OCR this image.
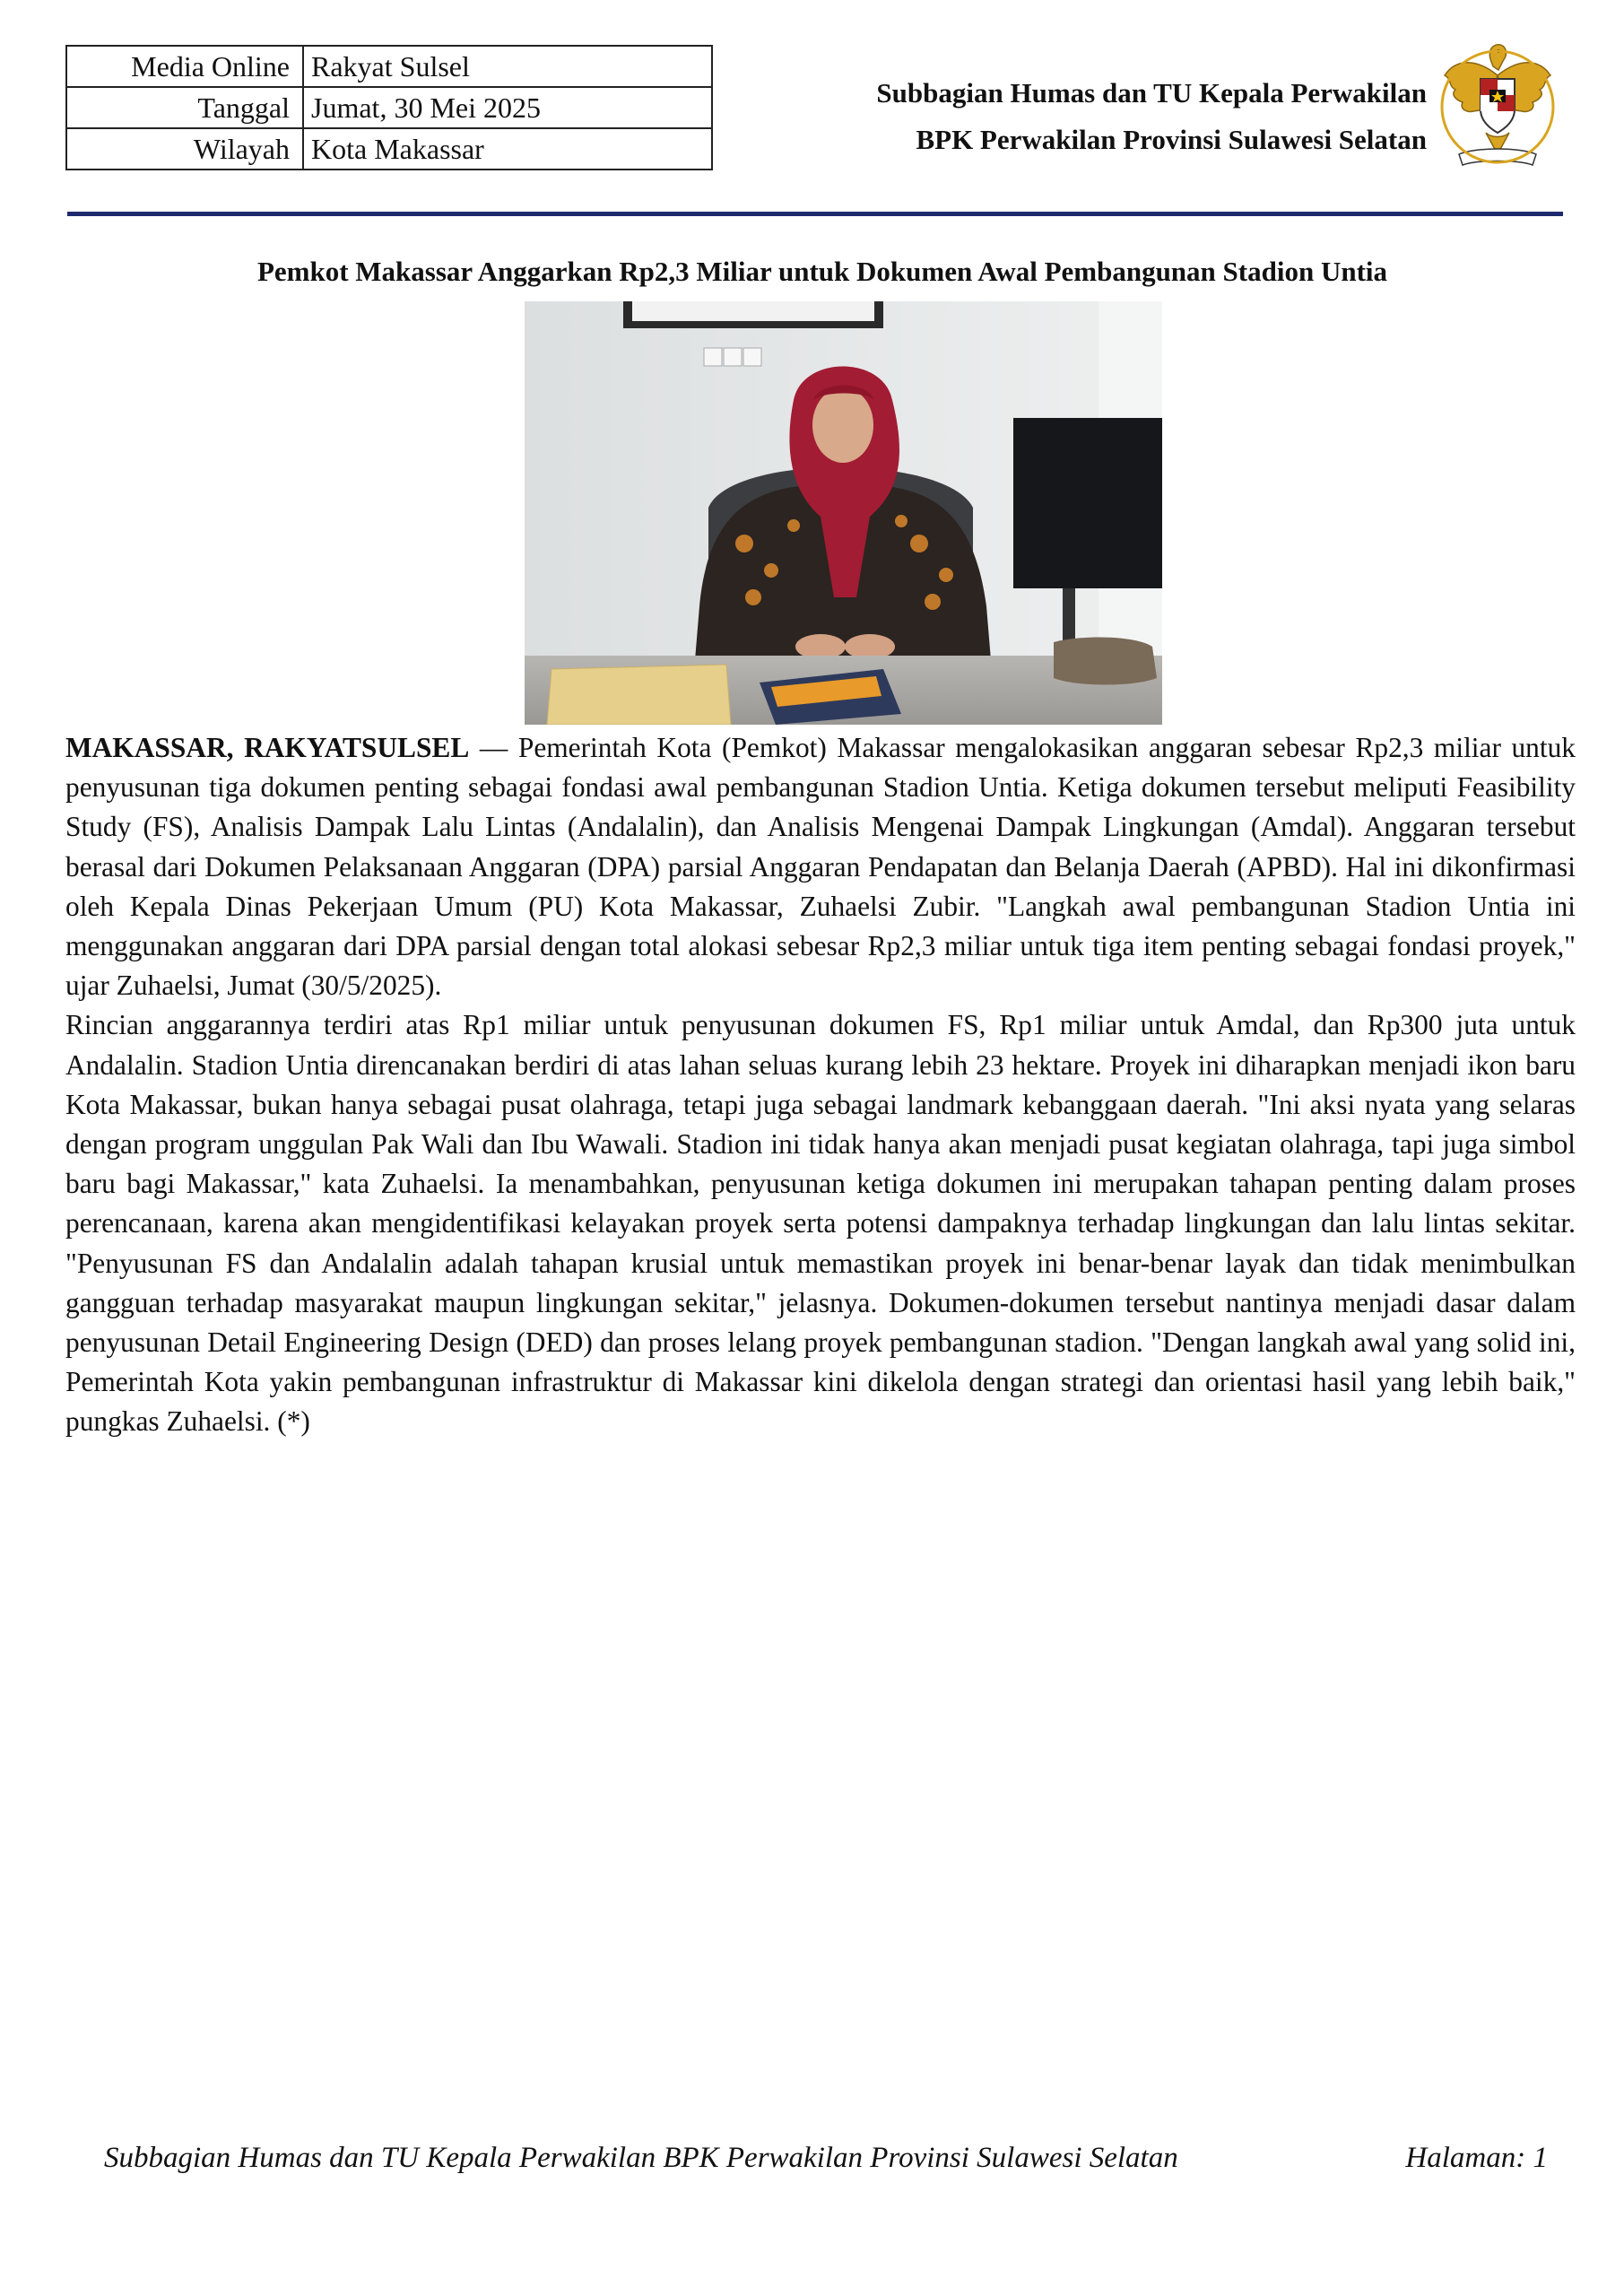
Media Online	Rakyat Sulsel
Tanggal	Jumat, 30 Mei 2025
Wilayah	Kota Makassar
Subbagian Humas dan TU Kepala Perwakilan
BPK Perwakilan Provinsi Sulawesi Selatan
Pemkot Makassar Anggarkan Rp2,3 Miliar untuk Dokumen Awal Pembangunan Stadion Untia

MAKASSAR, RAKYATSULSEL — Pemerintah Kota (Pemkot) Makassar mengalokasikan anggaran sebesar Rp2,3 miliar untuk penyusunan tiga dokumen penting sebagai fondasi awal pembangunan Stadion Untia. Ketiga dokumen tersebut meliputi Feasibility Study (FS), Analisis Dampak Lalu Lintas (Andalalin), dan Analisis Mengenai Dampak Lingkungan (Amdal). Anggaran tersebut berasal dari Dokumen Pelaksanaan Anggaran (DPA) parsial Anggaran Pendapatan dan Belanja Daerah (APBD). Hal ini dikonfirmasi oleh Kepala Dinas Pekerjaan Umum (PU) Kota Makassar, Zuhaelsi Zubir. "Langkah awal pembangunan Stadion Untia ini menggunakan anggaran dari DPA parsial dengan total alokasi sebesar Rp2,3 miliar untuk tiga item penting sebagai fondasi proyek," ujar Zuhaelsi, Jumat (30/5/2025).

Rincian anggarannya terdiri atas Rp1 miliar untuk penyusunan dokumen FS, Rp1 miliar untuk Amdal, dan Rp300 juta untuk Andalalin. Stadion Untia direncanakan berdiri di atas lahan seluas kurang lebih 23 hektare. Proyek ini diharapkan menjadi ikon baru Kota Makassar, bukan hanya sebagai pusat olahraga, tetapi juga sebagai landmark kebanggaan daerah. "Ini aksi nyata yang selaras dengan program unggulan Pak Wali dan Ibu Wawali. Stadion ini tidak hanya akan menjadi pusat kegiatan olahraga, tapi juga simbol baru bagi Makassar," kata Zuhaelsi. Ia menambahkan, penyusunan ketiga dokumen ini merupakan tahapan penting dalam proses perencanaan, karena akan mengidentifikasi kelayakan proyek serta potensi dampaknya terhadap lingkungan dan lalu lintas sekitar. "Penyusunan FS dan Andalalin adalah tahapan krusial untuk memastikan proyek ini benar-benar layak dan tidak menimbulkan gangguan terhadap masyarakat maupun lingkungan sekitar," jelasnya. Dokumen-dokumen tersebut nantinya menjadi dasar dalam penyusunan Detail Engineering Design (DED) dan proses lelang proyek pembangunan stadion. "Dengan langkah awal yang solid ini, Pemerintah Kota yakin pembangunan infrastruktur di Makassar kini dikelola dengan strategi dan orientasi hasil yang lebih baik," pungkas Zuhaelsi. (*)

Subbagian Humas dan TU Kepala Perwakilan BPK Perwakilan Provinsi Sulawesi Selatan	Halaman: 1
